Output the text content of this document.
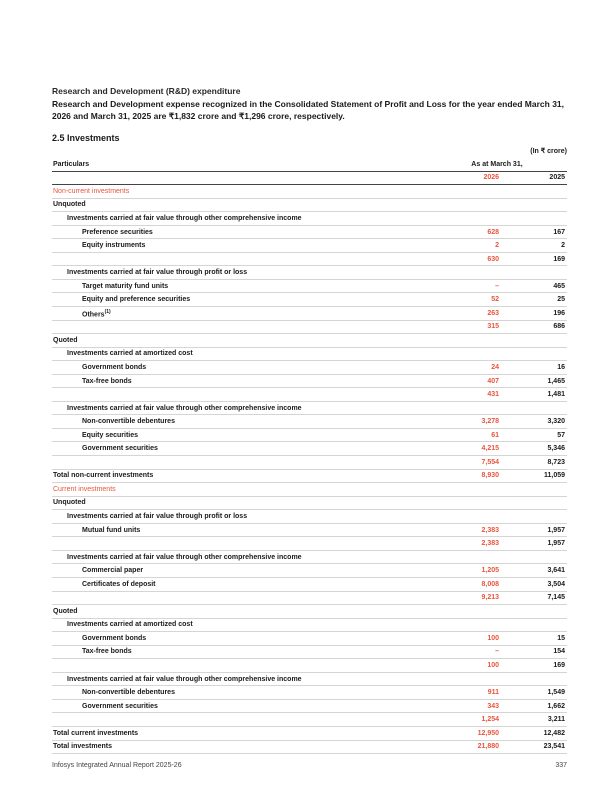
Research and Development (R&D) expenditure
Research and Development expense recognized in the Consolidated Statement of Profit and Loss for the year ended March 31, 2026 and March 31, 2025 are ₹1,832 crore and ₹1,296 crore, respectively.
2.5 Investments
(In ₹ crore)
Particulars	As at March 31,	
	2026	2025
Non-current investments		
Unquoted		
Investments carried at fair value through other comprehensive income		
Preference securities	628	167
Equity instruments	2	2
	630	169
Investments carried at fair value through profit or loss		
Target maturity fund units	–	465
Equity and preference securities	52	25
Others$^{(1)}$	263	196
	315	686
Quoted		
Investments carried at amortized cost		
Government bonds	24	16
Tax-free bonds	407	1,465
	431	1,481
Investments carried at fair value through other comprehensive income		
Non-convertible debentures	3,278	3,320
Equity securities	61	57
Government securities	4,215	5,346
	7,554	8,723
Total non-current investments	8,930	11,059
Current investments		
Unquoted		
Investments carried at fair value through profit or loss		
Mutual fund units	2,383	1,957
	2,383	1,957
Investments carried at fair value through other comprehensive income		
Commercial paper	1,205	3,641
Certificates of deposit	8,008	3,504
	9,213	7,145
Quoted		
Investments carried at amortized cost		
Government bonds	100	15
Tax-free bonds	–	154
	100	169
Investments carried at fair value through other comprehensive income		
Non-convertible debentures	911	1,549
Government securities	343	1,662
	1,254	3,211
Total current investments	12,950	12,482
Total investments	21,880	23,541
Infosys Integrated Annual Report 2025-26	337
